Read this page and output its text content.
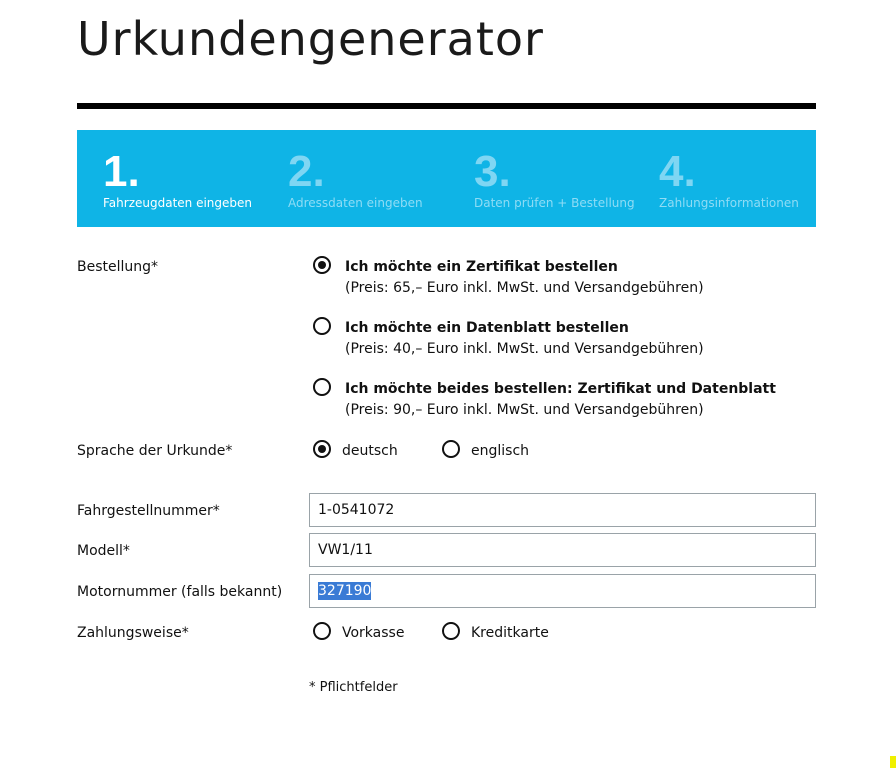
Urkundengenerator
1.
Fahrzeugdaten eingeben
2.
Adressdaten eingeben
3.
Daten prüfen + Bestellung
4.
Zahlungsinformationen
Bestellung*	Ich möchte ein Zertifikat bestellen
(Preis: 65,– Euro inkl. MwSt. und Versandgebühren)
Ich möchte ein Datenblatt bestellen
(Preis: 40,– Euro inkl. MwSt. und Versandgebühren)
Ich möchte beides bestellen: Zertifikat und Datenblatt
(Preis: 90,– Euro inkl. MwSt. und Versandgebühren)
Sprache der Urkunde*	deutsch	englisch
Fahrgestellnummer*	1-0541072
Modell*	VW1/11
Motornummer (falls bekannt)	327190
Zahlungsweise*	Vorkasse	Kreditkarte
* Pflichtfelder
